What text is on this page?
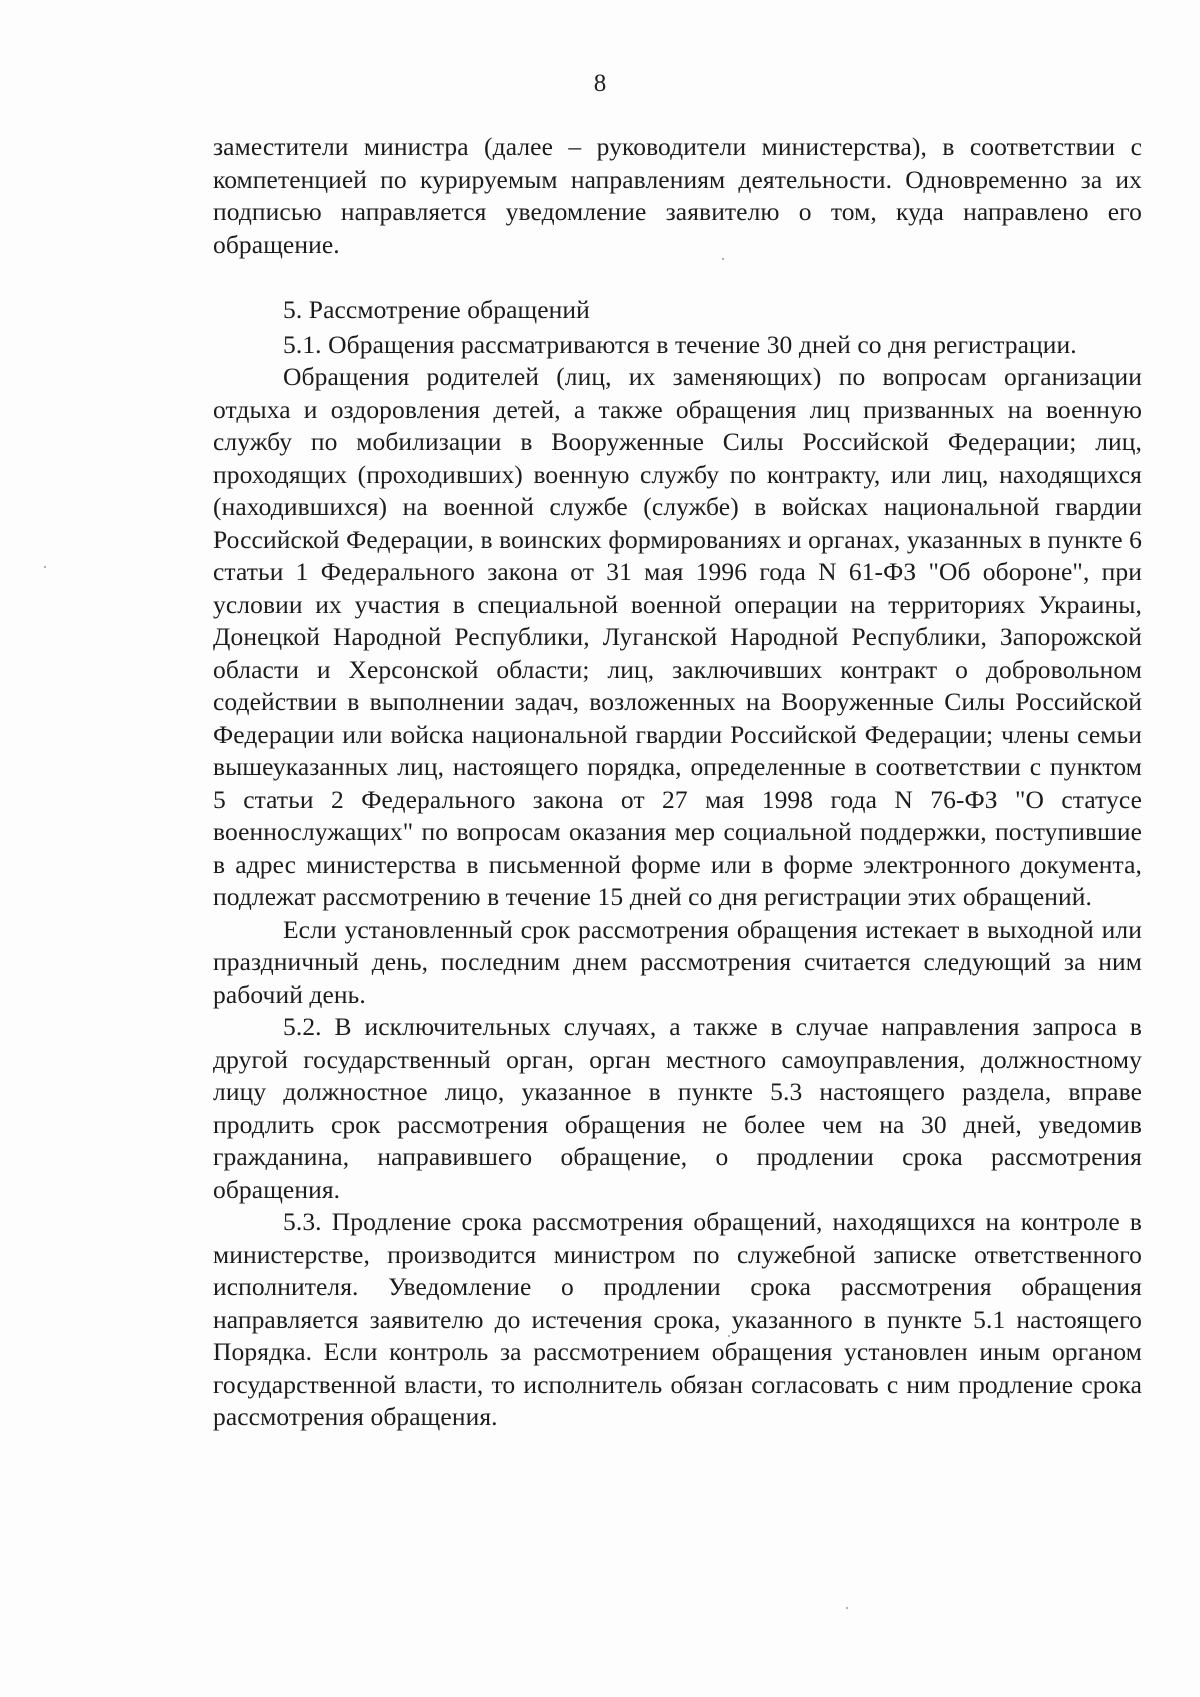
8

заместители министра (далее – руководители министерства), в соответствии с компетенцией по курируемым направлениям деятельности. Одновременно за их подписью направляется уведомление заявителю о том, куда направлено его обращение.

5. Рассмотрение обращений

5.1. Обращения рассматриваются в течение 30 дней со дня регистрации.

Обращения родителей (лиц, их заменяющих) по вопросам организации отдыха и оздоровления детей, а также обращения лиц призванных на военную службу по мобилизации в Вооруженные Силы Российской Федерации; лиц, проходящих (проходивших) военную службу по контракту, или лиц, находящихся (находившихся) на военной службе (службе) в войсках национальной гвардии Российской Федерации, в воинских формированиях и органах, указанных в пункте 6 статьи 1 Федерального закона от 31 мая 1996 года N 61-ФЗ "Об обороне", при условии их участия в специальной военной операции на территориях Украины, Донецкой Народной Республики, Луганской Народной Республики, Запорожской области и Херсонской области; лиц, заключивших контракт о добровольном содействии в выполнении задач, возложенных на Вооруженные Силы Российской Федерации или войска национальной гвардии Российской Федерации; члены семьи вышеуказанных лиц, настоящего порядка, определенные в соответствии с пунктом 5 статьи 2 Федерального закона от 27 мая 1998 года N 76-ФЗ "О статусе военнослужащих" по вопросам оказания мер социальной поддержки, поступившие в адрес министерства в письменной форме или в форме электронного документа, подлежат рассмотрению в течение 15 дней со дня регистрации этих обращений.

Если установленный срок рассмотрения обращения истекает в выходной или праздничный день, последним днем рассмотрения считается следующий за ним рабочий день.

5.2. В исключительных случаях, а также в случае направления запроса в другой государственный орган, орган местного самоуправления, должностному лицу должностное лицо, указанное в пункте 5.3 настоящего раздела, вправе продлить срок рассмотрения обращения не более чем на 30 дней, уведомив гражданина, направившего обращение, о продлении срока рассмотрения обращения.

5.3. Продление срока рассмотрения обращений, находящихся на контроле в министерстве, производится министром по служебной записке ответственного исполнителя. Уведомление о продлении срока рассмотрения обращения направляется заявителю до истечения срока, указанного в пункте 5.1 настоящего Порядка. Если контроль за рассмотрением обращения установлен иным органом государственной власти, то исполнитель обязан согласовать с ним продление срока рассмотрения обращения.
